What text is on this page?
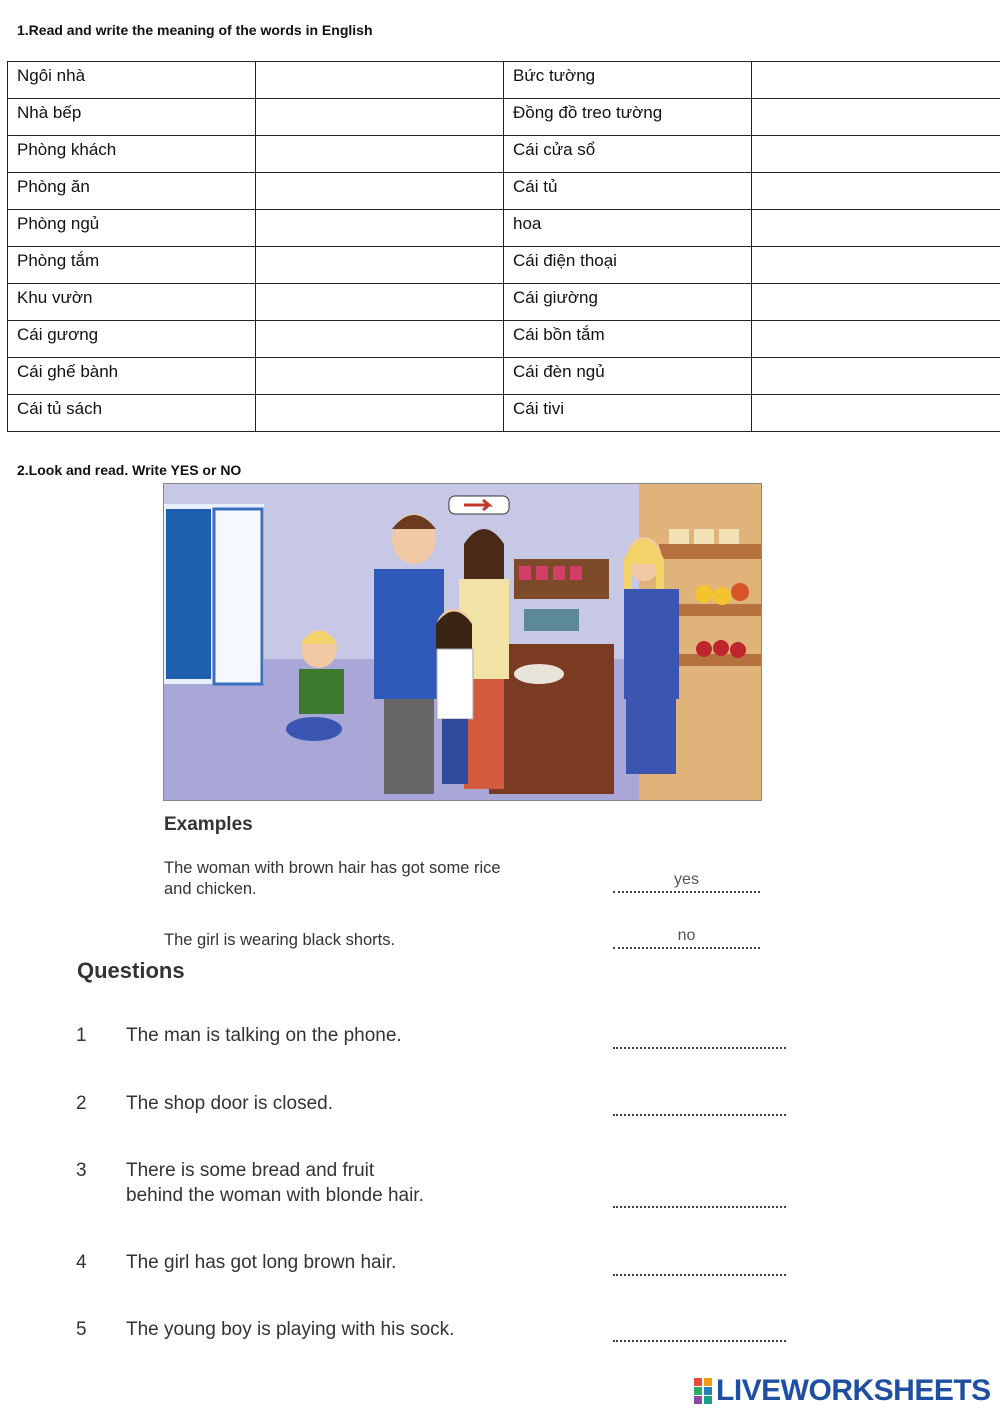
1.Read and write the meaning of the words in English
Ngôi nhà		Bức tường	
Nhà bếp		Đồng đồ treo tường	
Phòng khách		Cái cửa sổ	
Phòng ăn		Cái tủ	
Phòng ngủ		hoa	
Phòng tắm		Cái điện thoại	
Khu vườn		Cái giường	
Cái gương		Cái bồn tắm	
Cái ghế bành		Cái đèn ngủ	
Cái tủ sách		Cái tivi	
2.Look and read. Write YES or NO
Examples
The woman with brown hair has got some rice
and chicken.
yes
The girl is wearing black shorts.	no
Questions
1 The man is talking on the phone.
2 The shop door is closed.
3 There is some bread and fruit
behind the woman with blonde hair.
4 The girl has got long brown hair.
5 The young boy is playing with his sock.
LIVEWORKSHEETS
